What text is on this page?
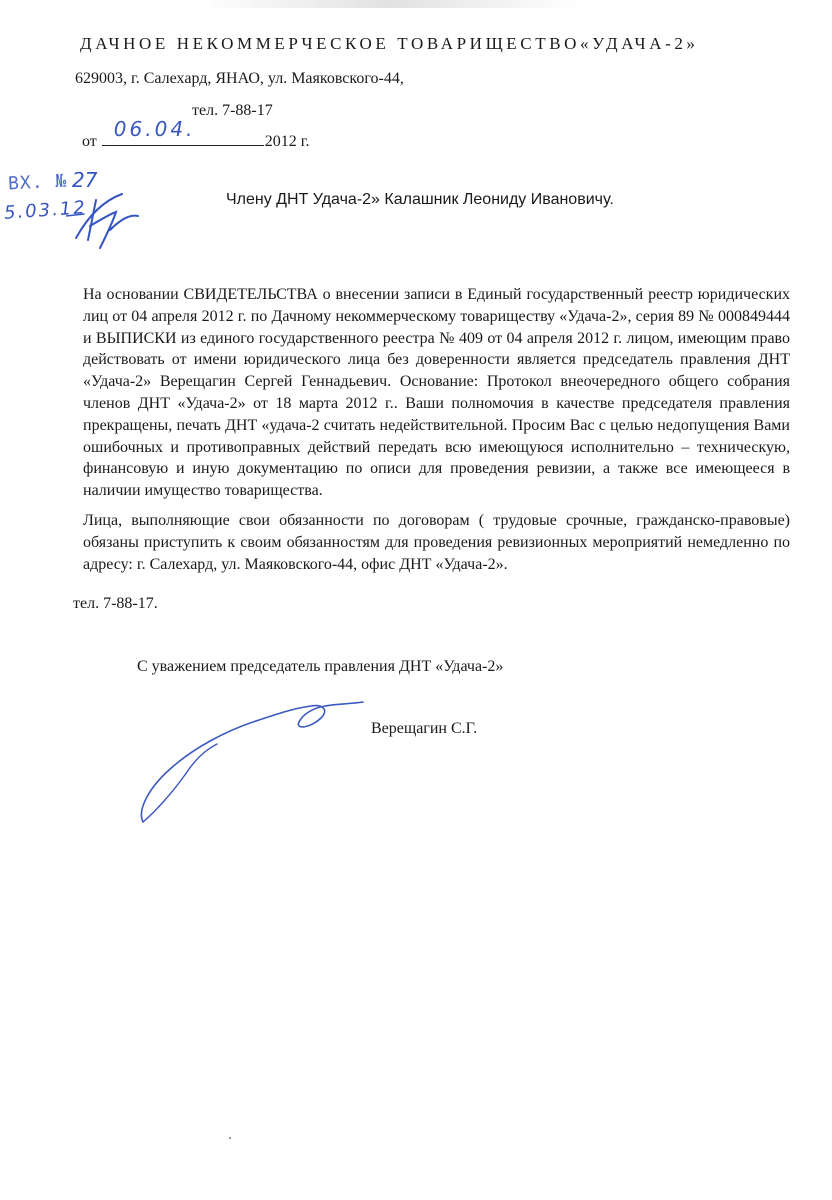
ДАЧНОЕ НЕКОММЕРЧЕСКОЕ ТОВАРИЩЕСТВО«УДАЧА-2»
629003, г. Салехард, ЯНАО, ул. Маяковского-44,
тел. 7-88-17
от
06.04.
2012 г.
ВХ. № 27
5.03.12	Члену ДНТ Удача-2» Калашник Леониду Ивановичу.

На основании СВИДЕТЕЛЬСТВА о внесении записи в Единый государственный реестр юридических лиц от 04 апреля 2012 г. по Дачному некоммерческому товариществу «Удача-2», серия 89 № 000849444 и ВЫПИСКИ из единого государственного реестра № 409 от 04 апреля 2012 г. лицом, имеющим право действовать от имени юридического лица без доверенности является председатель правления ДНТ «Удача-2» Верещагин Сергей Геннадьевич. Основание: Протокол внеочередного общего собрания членов ДНТ «Удача-2» от 18 марта 2012 г.. Ваши полномочия в качестве председателя правления прекращены, печать ДНТ «удача-2 считать недействительной. Просим Вас с целью недопущения Вами ошибочных и противоправных действий передать всю имеющуюся исполнительно – техническую, финансовую и иную документацию по описи для проведения ревизии, а также все имеющееся в наличии имущество товарищества.

Лица, выполняющие свои обязанности по договорам ( трудовые срочные, гражданско-правовые) обязаны приступить к своим обязанностям для проведения ревизионных мероприятий немедленно по адресу: г. Салехард, ул. Маяковского-44, офис ДНТ «Удача-2».

тел. 7-88-17.
С уважением председатель правления ДНТ «Удача-2»
Верещагин С.Г.
